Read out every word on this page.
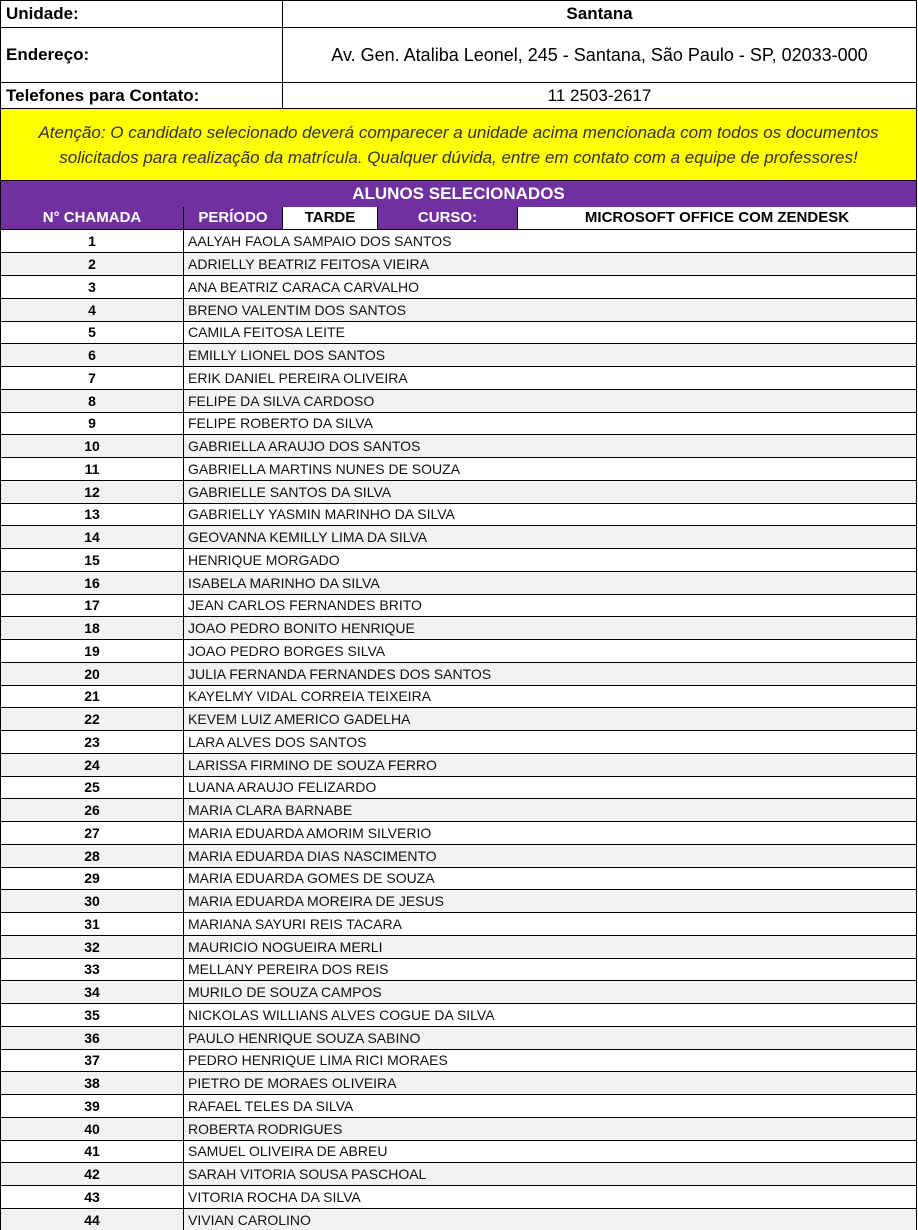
Unidade:	Santana
Endereço:	Av. Gen. Ataliba Leonel, 245 - Santana, São Paulo - SP, 02033-000
Telefones para Contato:	11 2503-2617
Atenção: O candidato selecionado deverá comparecer a unidade acima mencionada com todos os documentos
solicitados para realização da matrícula. Qualquer dúvida, entre em contato com a equipe de professores!
ALUNOS SELECIONADOS
N° CHAMADA	PERÍODO	TARDE	CURSO:	MICROSOFT OFFICE COM ZENDESK
1	AALYAH FAOLA SAMPAIO DOS SANTOS
2	ADRIELLY BEATRIZ FEITOSA VIEIRA
3	ANA BEATRIZ CARACA CARVALHO
4	BRENO VALENTIM DOS SANTOS
5	CAMILA FEITOSA LEITE
6	EMILLY LIONEL DOS SANTOS
7	ERIK DANIEL PEREIRA OLIVEIRA
8	FELIPE DA SILVA CARDOSO
9	FELIPE ROBERTO DA SILVA
10	GABRIELLA ARAUJO DOS SANTOS
11	GABRIELLA MARTINS NUNES DE SOUZA
12	GABRIELLE SANTOS DA SILVA
13	GABRIELLY YASMIN MARINHO DA SILVA
14	GEOVANNA KEMILLY LIMA DA SILVA
15	HENRIQUE MORGADO
16	ISABELA MARINHO DA SILVA
17	JEAN CARLOS FERNANDES BRITO
18	JOAO PEDRO BONITO HENRIQUE
19	JOAO PEDRO BORGES SILVA
20	JULIA FERNANDA FERNANDES DOS SANTOS
21	KAYELMY VIDAL CORREIA TEIXEIRA
22	KEVEM LUIZ AMERICO GADELHA
23	LARA ALVES DOS SANTOS
24	LARISSA FIRMINO DE SOUZA FERRO
25	LUANA ARAUJO FELIZARDO
26	MARIA CLARA BARNABE
27	MARIA EDUARDA AMORIM SILVERIO
28	MARIA EDUARDA DIAS NASCIMENTO
29	MARIA EDUARDA GOMES DE SOUZA
30	MARIA EDUARDA MOREIRA DE JESUS
31	MARIANA SAYURI REIS TACARA
32	MAURICIO NOGUEIRA MERLI
33	MELLANY PEREIRA DOS REIS
34	MURILO DE SOUZA CAMPOS
35	NICKOLAS WILLIANS ALVES COGUE DA SILVA
36	PAULO HENRIQUE SOUZA SABINO
37	PEDRO HENRIQUE LIMA RICI MORAES
38	PIETRO DE MORAES OLIVEIRA
39	RAFAEL TELES DA SILVA
40	ROBERTA RODRIGUES
41	SAMUEL OLIVEIRA DE ABREU
42	SARAH VITORIA SOUSA PASCHOAL
43	VITORIA ROCHA DA SILVA
44	VIVIAN CAROLINO
